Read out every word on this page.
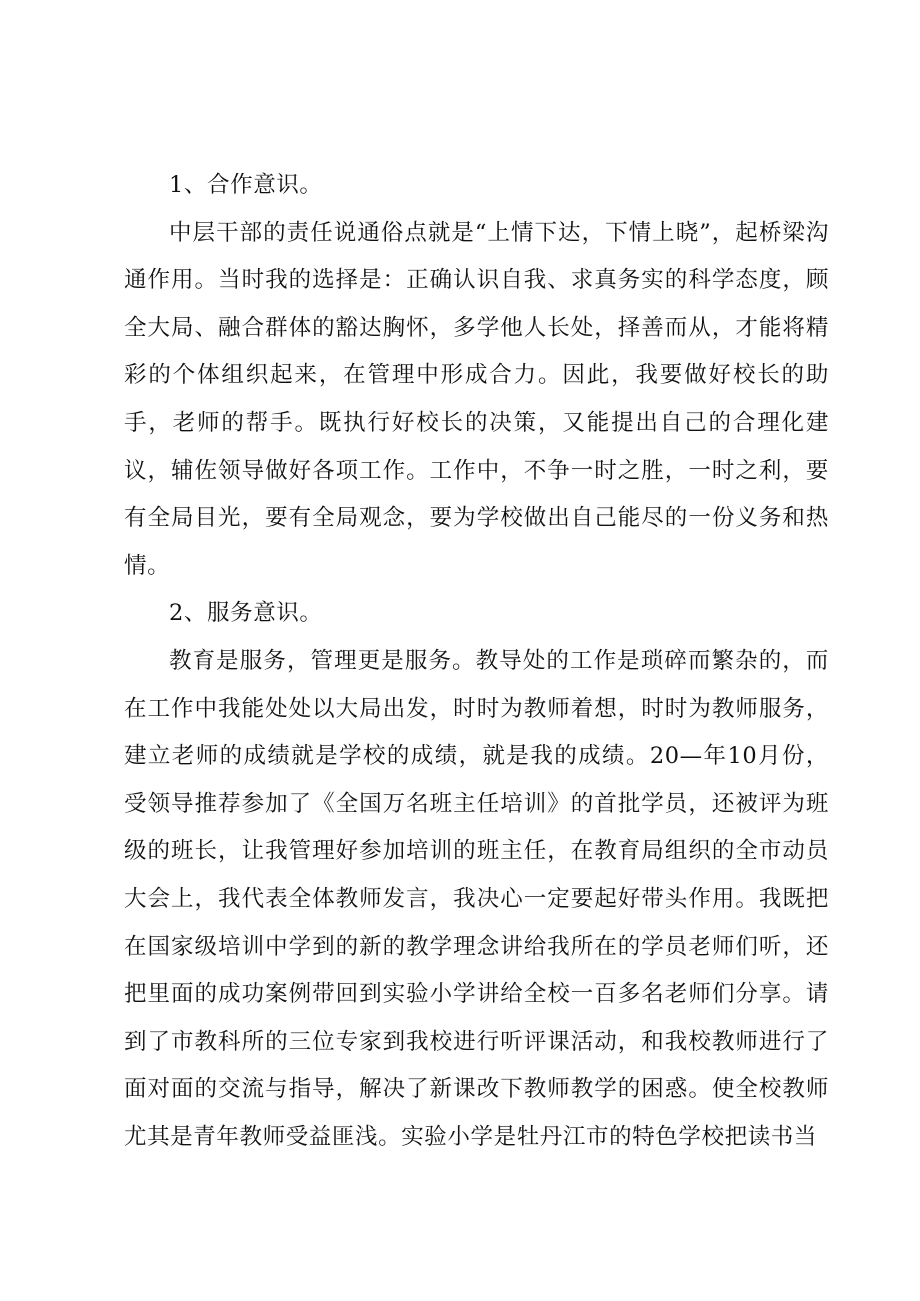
1、合作意识。

中层干部的责任说通俗点就是“上情下达，下情上晓”，起桥梁沟通作用。当时我的选择是：正确认识自我、求真务实的科学态度，顾全大局、融合群体的豁达胸怀，多学他人长处，择善而从，才能将精彩的个体组织起来，在管理中形成合力。因此，我要做好校长的助手，老师的帮手。既执行好校长的决策，又能提出自己的合理化建议，辅佐领导做好各项工作。工作中，不争一时之胜，一时之利，要有全局目光，要有全局观念，要为学校做出自己能尽的一份义务和热情。

2、服务意识。

教育是服务，管理更是服务。教导处的工作是琐碎而繁杂的，而在工作中我能处处以大局出发，时时为教师着想，时时为教师服务，建立老师的成绩就是学校的成绩，就是我的成绩。20—年10月份，受领导推荐参加了《全国万名班主任培训》的首批学员，还被评为班级的班长，让我管理好参加培训的班主任，在教育局组织的全市动员大会上，我代表全体教师发言，我决心一定要起好带头作用。我既把在国家级培训中学到的新的教学理念讲给我所在的学员老师们听，还把里面的成功案例带回到实验小学讲给全校一百多名老师们分享。请到了市教科所的三位专家到我校进行听评课活动，和我校教师进行了面对面的交流与指导，解决了新课改下教师教学的困惑。使全校教师尤其是青年教师受益匪浅。实验小学是牡丹江市的特色学校把读书当
